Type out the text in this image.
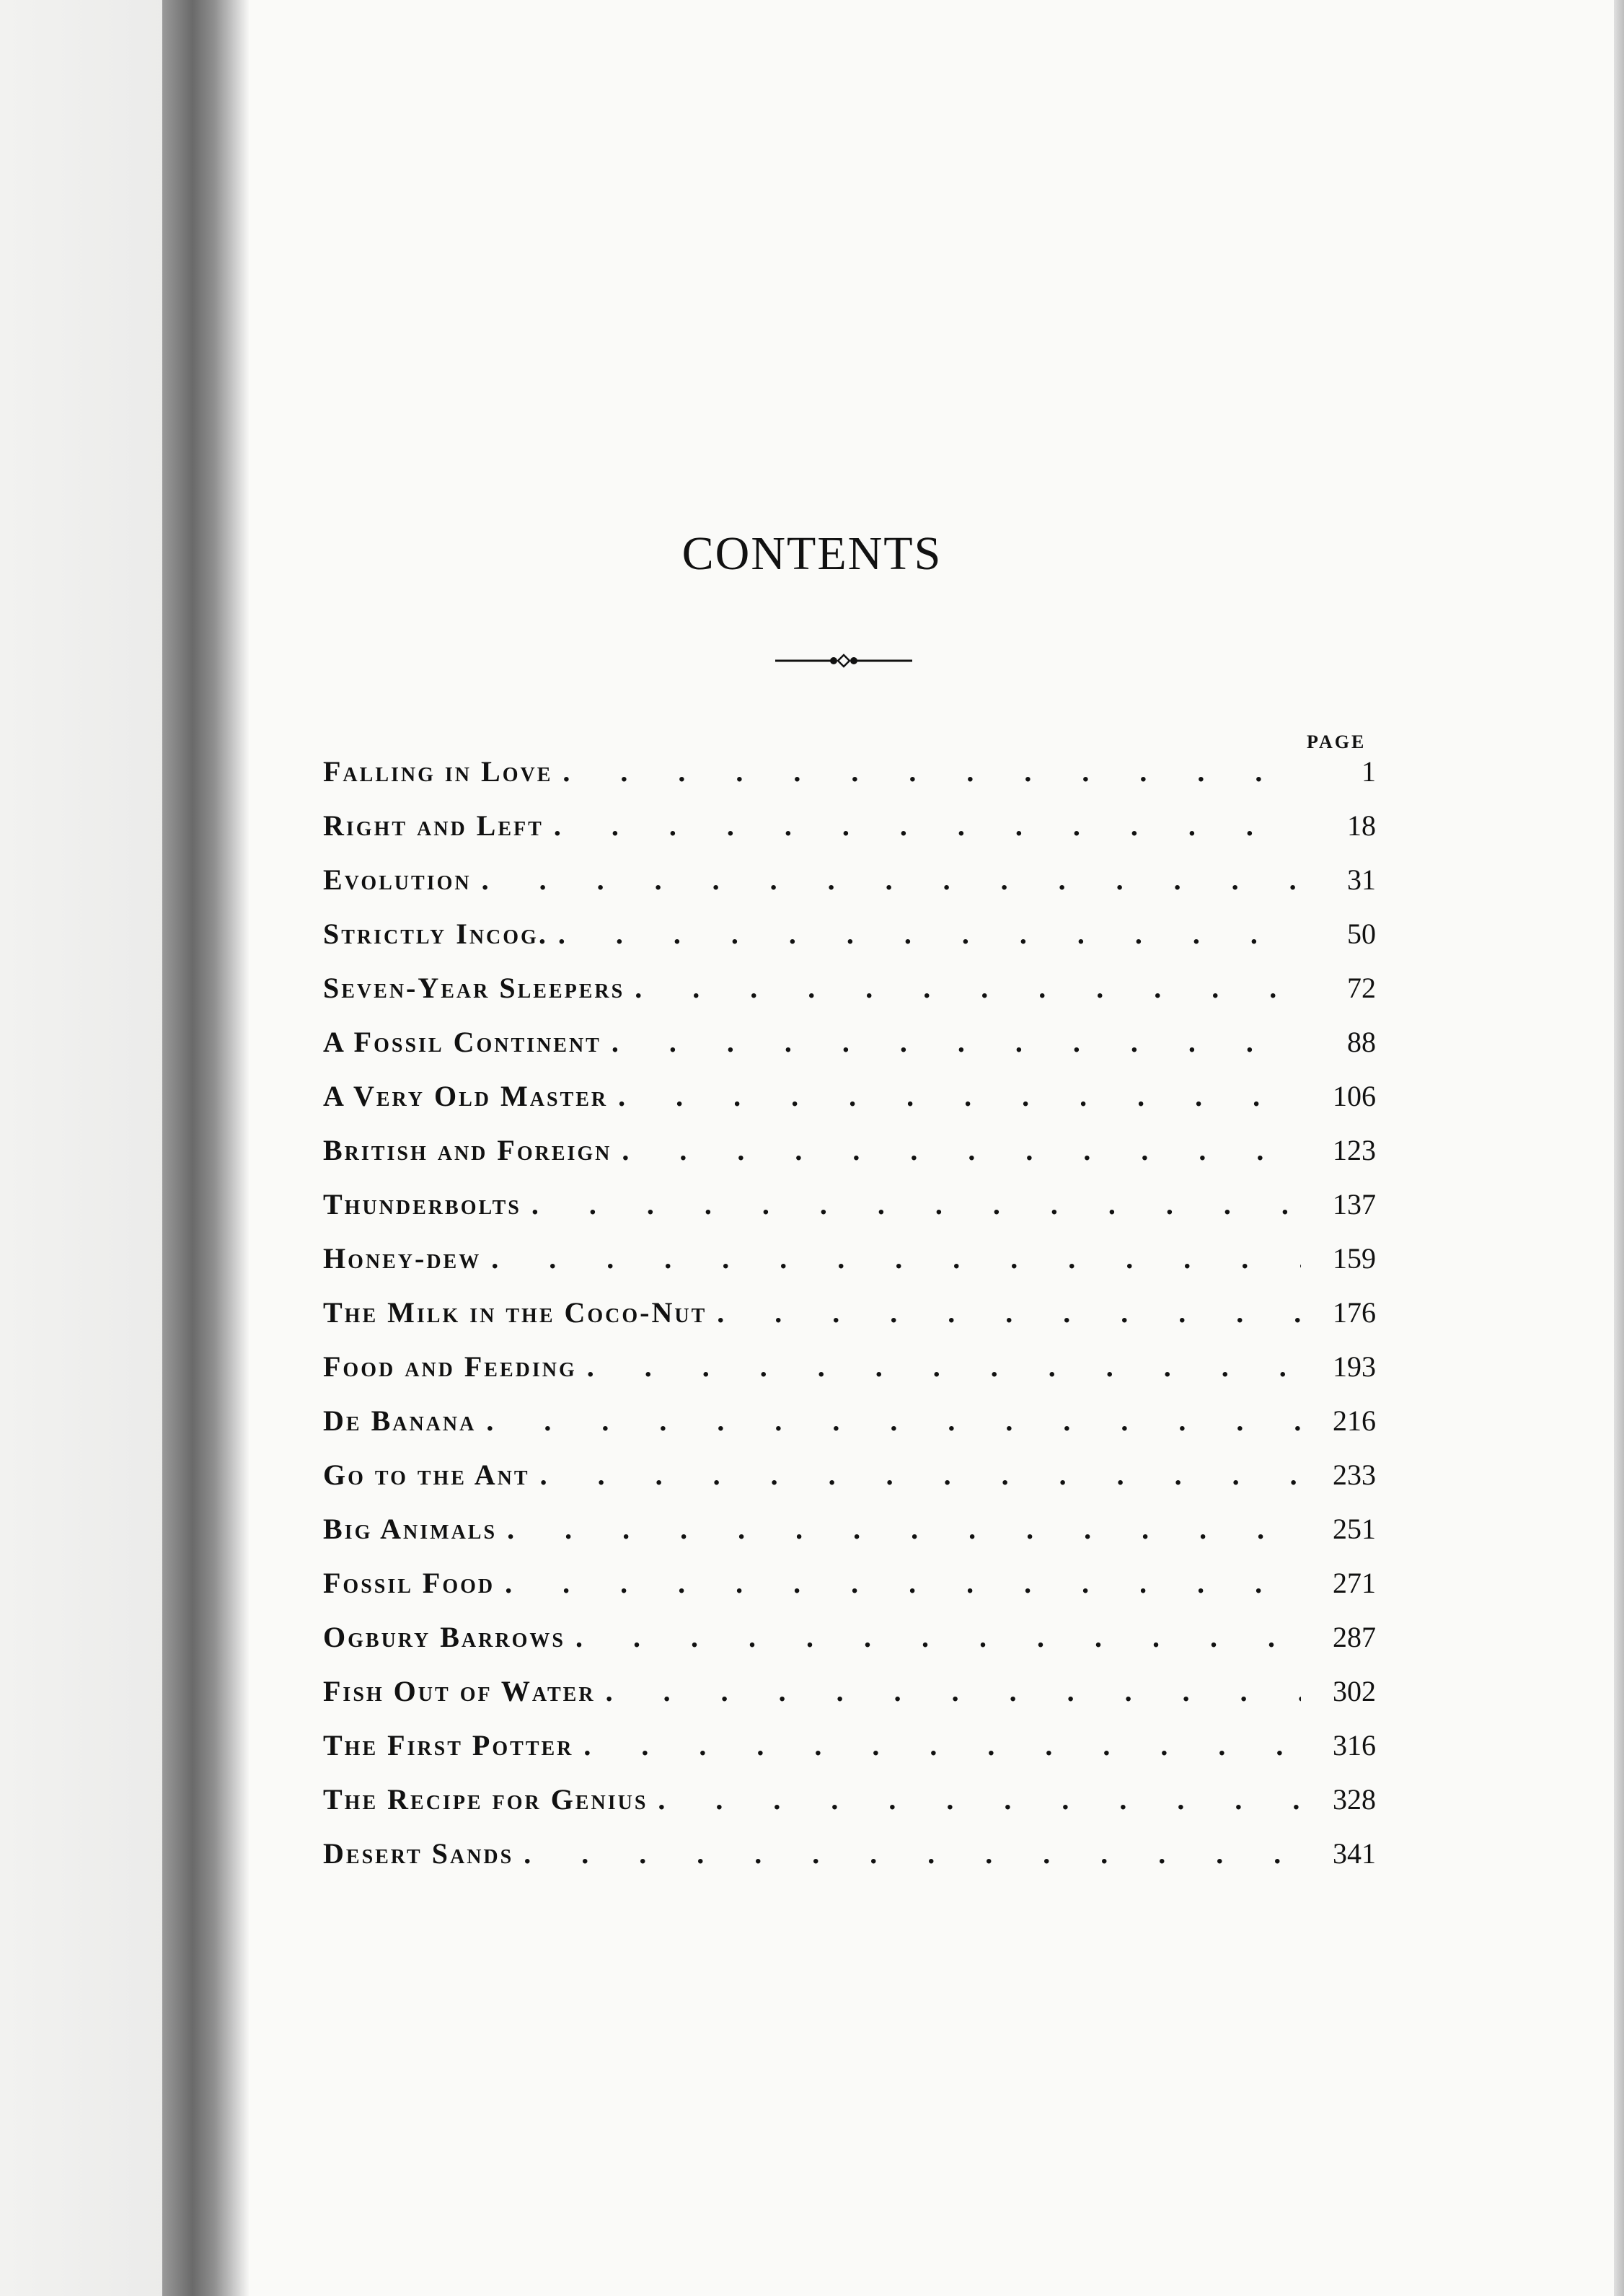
CONTENTS
PAGE
Falling in Love .	1
Right and Left .	18
Evolution .	31
Strictly Incog. .	50
Seven-Year Sleepers .	72
A Fossil Continent .	88
A Very Old Master .	106
British and Foreign .	123
Thunderbolts .	137
Honey-dew .	159
The Milk in the Coco-Nut .	176
Food and Feeding .	193
De Banana .	216
Go to the Ant .	233
Big Animals .	251
Fossil Food .	271
Ogbury Barrows .	287
Fish Out of Water .	302
The First Potter .	316
The Recipe for Genius .	328
Desert Sands .	341
